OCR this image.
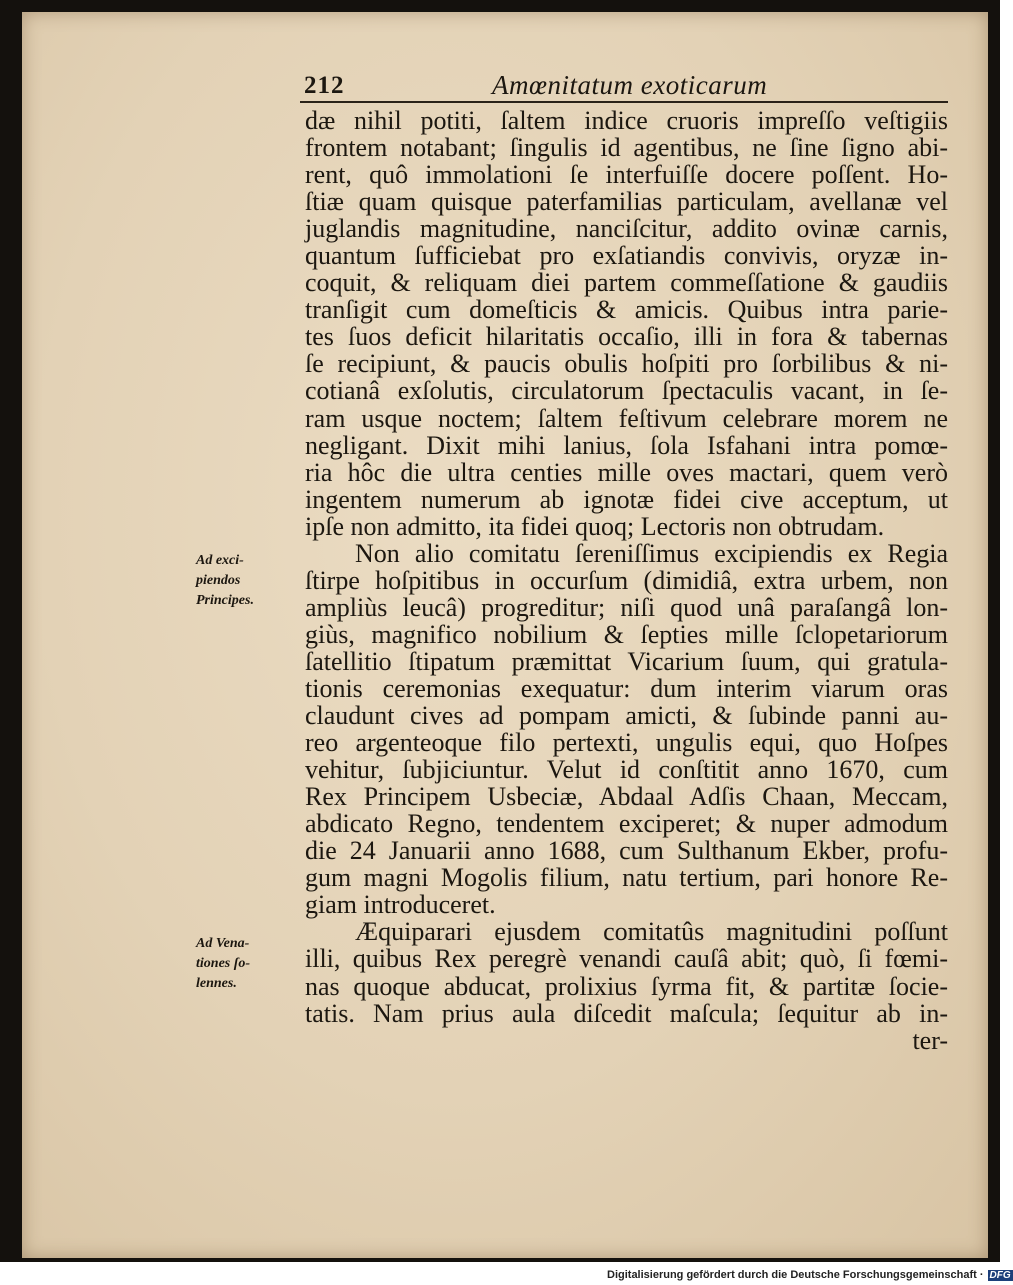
212	Amœnitatum exoticarum
dæ nihil potiti, ſaltem indice cruoris impreſſo veſtigiis
frontem notabant; ſingulis id agentibus, ne ſine ſigno abi-
rent, quô immolationi ſe interfuiſſe docere poſſent. Ho-
ſtiæ quam quisque paterfamilias particulam, avellanæ vel
juglandis magnitudine, nanciſcitur, addito ovinæ carnis,
quantum ſufficiebat pro exſatiandis convivis, oryzæ in-
coquit, & reliquam diei partem commeſſatione & gaudiis
tranſigit cum domeſticis & amicis. Quibus intra parie-
tes ſuos deficit hilaritatis occaſio, illi in fora & tabernas
ſe recipiunt, & paucis obulis hoſpiti pro ſorbilibus & ni-
cotianâ exſolutis, circulatorum ſpectaculis vacant, in ſe-
ram usque noctem; ſaltem feſtivum celebrare morem ne
negligant. Dixit mihi lanius, ſola Isfahani intra pomœ-
ria hôc die ultra centies mille oves mactari, quem verò
ingentem numerum ab ignotæ fidei cive acceptum, ut
ipſe non admitto, ita fidei quoq; Lectoris non obtrudam.
Non alio comitatu ſereniſſimus excipiendis ex Regia
ſtirpe hoſpitibus in occurſum (dimidiâ, extra urbem, non
ampliùs leucâ) progreditur; niſi quod unâ paraſangâ lon-
giùs, magnifico nobilium & ſepties mille ſclopetariorum
ſatellitio ſtipatum præmittat Vicarium ſuum, qui gratula-
tionis ceremonias exequatur: dum interim viarum oras
claudunt cives ad pompam amicti, & ſubinde panni au-
reo argenteoque filo pertexti, ungulis equi, quo Hoſpes
vehitur, ſubjiciuntur. Velut id conſtitit anno 1670, cum
Rex Principem Usbeciæ, Abdaal Adſis Chaan, Meccam,
abdicato Regno, tendentem exciperet; & nuper admodum
die 24 Januarii anno 1688, cum Sulthanum Ekber, profu-
gum magni Mogolis filium, natu tertium, pari honore Re-
giam introduceret.
Æquiparari ejusdem comitatûs magnitudini poſſunt
illi, quibus Rex peregrè venandi cauſâ abit; quò, ſi fœmi-
nas quoque abducat, prolixius ſyrma fit, & partitæ ſocie-
tatis. Nam prius aula diſcedit maſcula; ſequitur ab in-
ter-
Ad exci-
piendos
Principes.
Ad Vena-
tiones ſo-
lennes.
Digitalisierung gefördert durch die Deutsche Forschungsgemeinschaft · DFG
